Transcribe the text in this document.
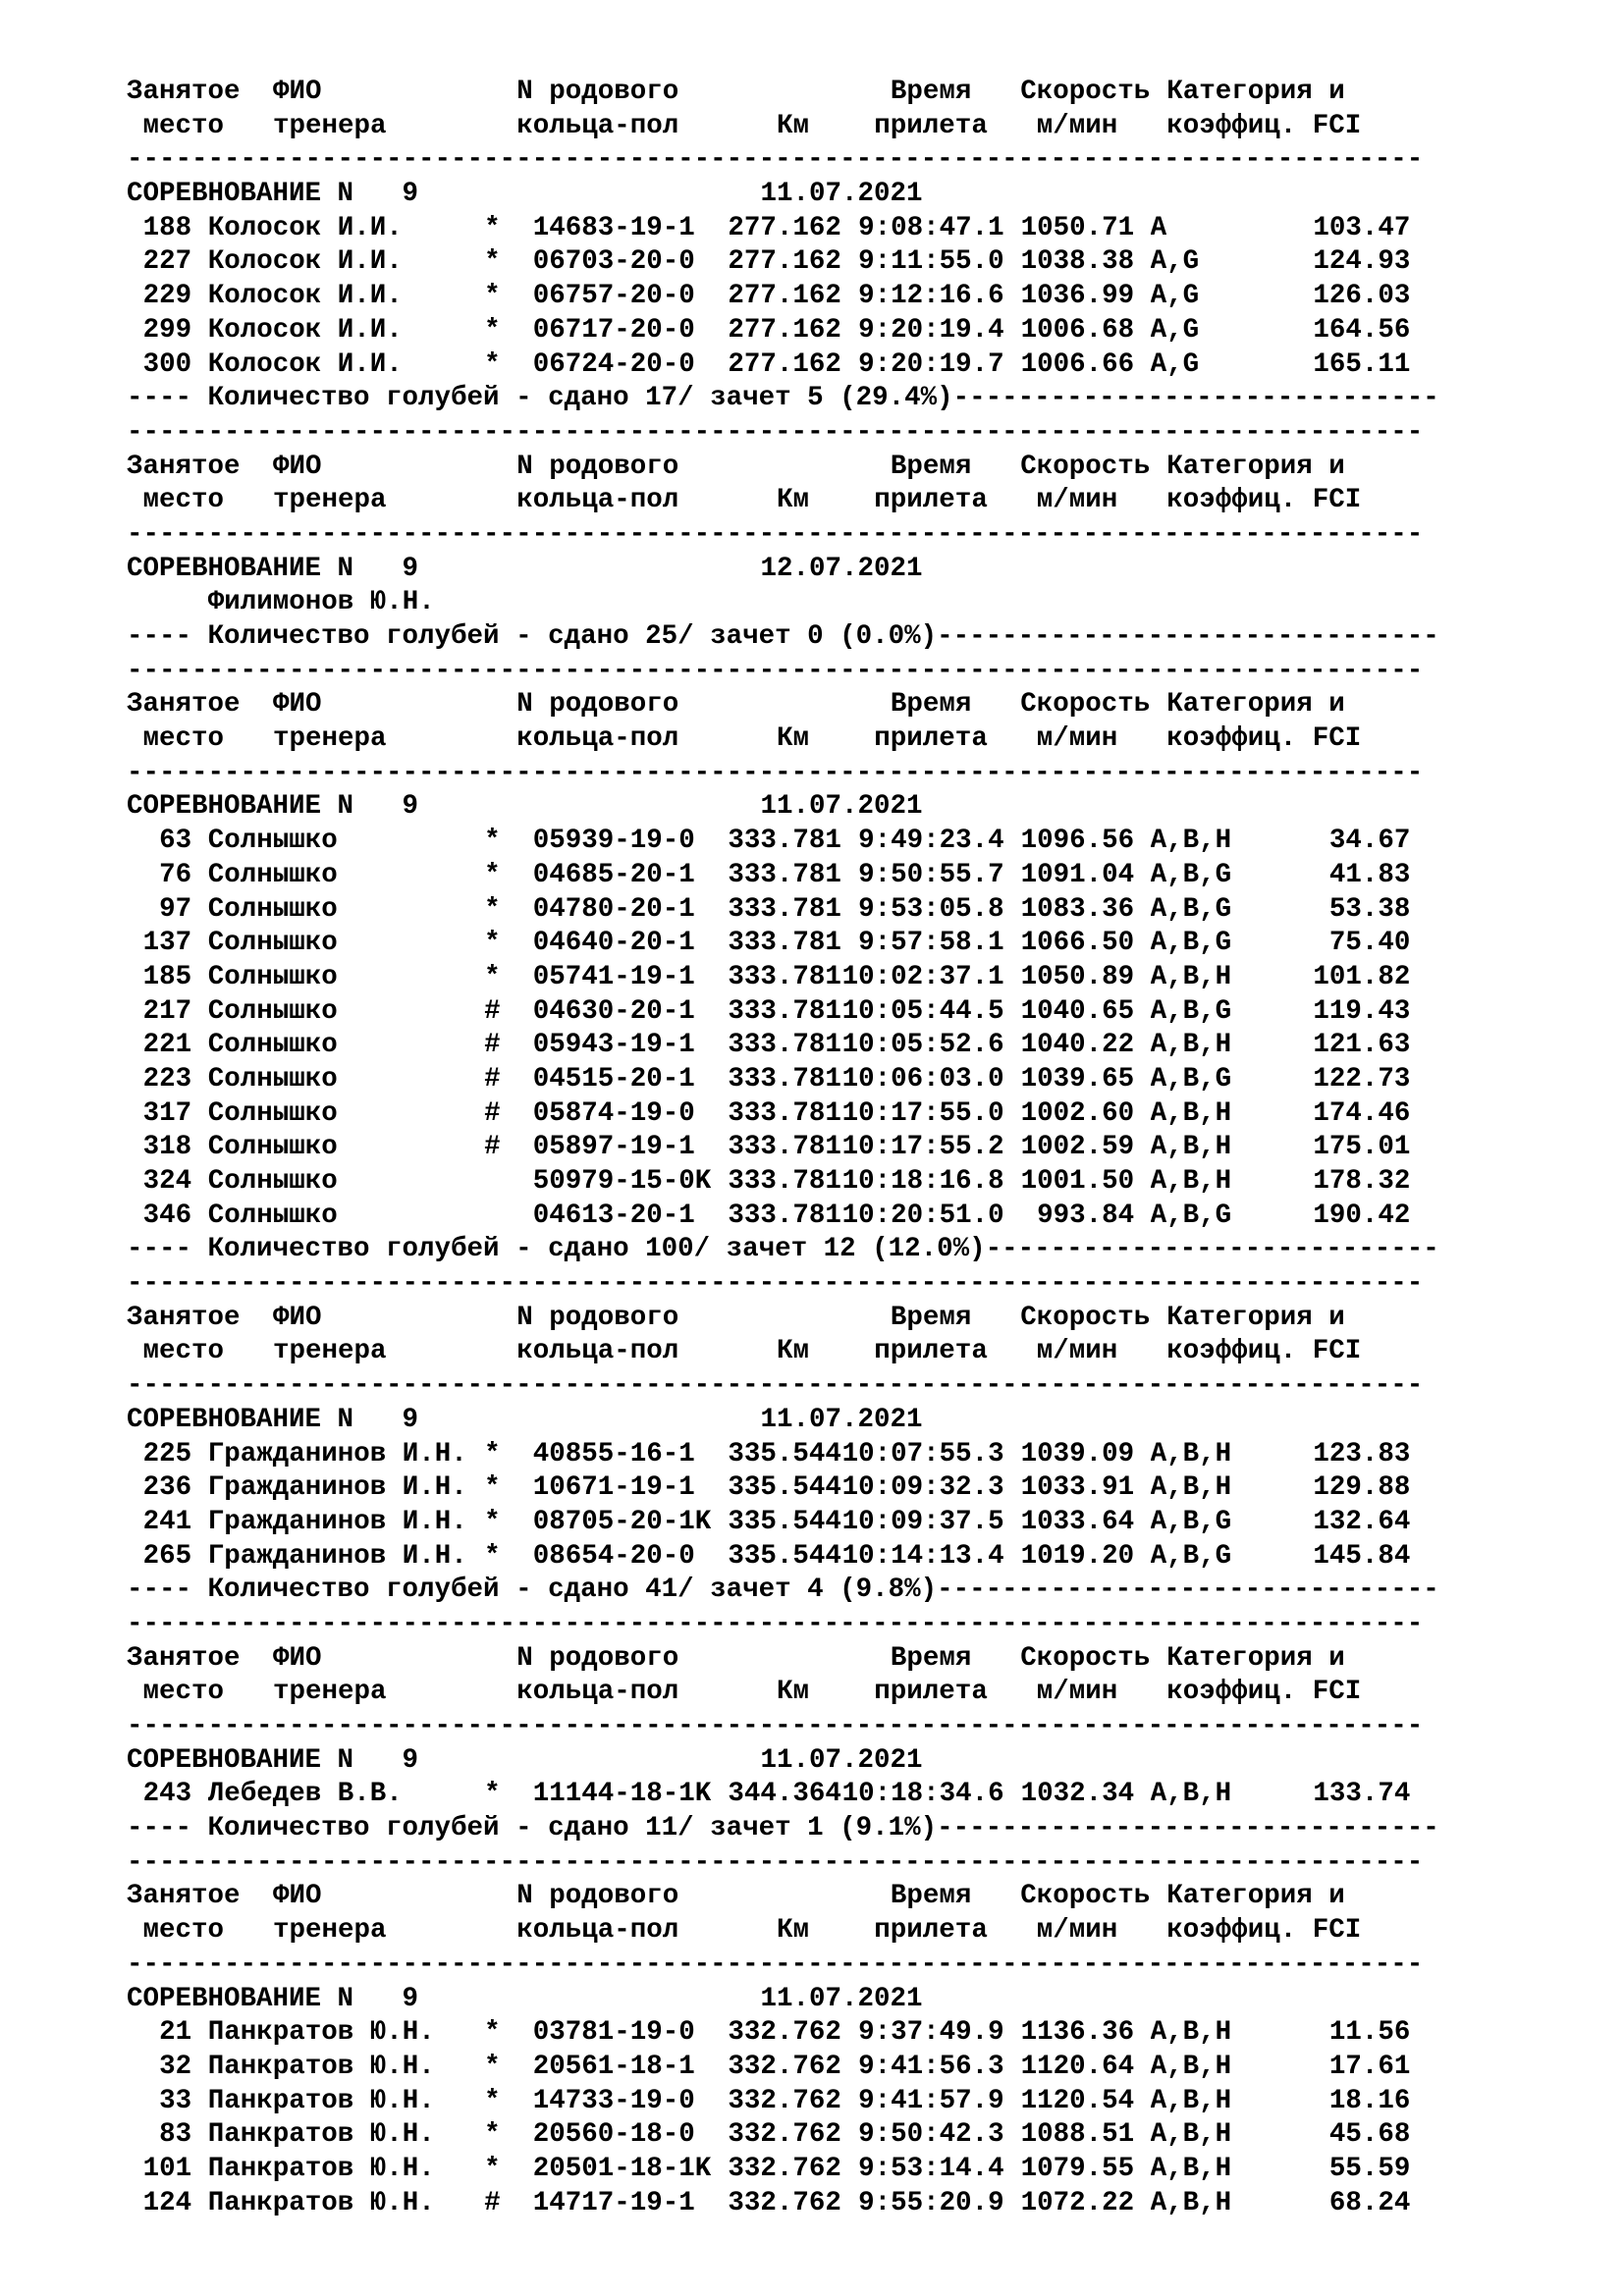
Занятое ФИО	N родового	Время Скорость Категория и
место тренера	кольца-пол	Км прилета м/мин коэффиц. FCI
--------------------------------------------------------------------------------
СОРЕВНОВАНИЕ N   9	11.07.2021
188 Колосок И.И.	* 14683-19-1	277.162 9:08:47.1 1050.71 A	103.47
227 Колосок И.И.	* 06703-20-0	277.162 9:11:55.0 1038.38 A,G	124.93
229 Колосок И.И.	* 06757-20-0	277.162 9:12:16.6 1036.99 A,G	126.03
299 Колосок И.И.	* 06717-20-0	277.162 9:20:19.4 1006.68 A,G	164.56
300 Колосок И.И.	* 06724-20-0	277.162 9:20:19.7 1006.66 A,G	165.11
---- Количество голубей - сдано 17/ зачет 5 (29.4%)------------------------------
--------------------------------------------------------------------------------
Занятое ФИО	N родового	Время Скорость Категория и
место тренера	кольца-пол	Км прилета м/мин коэффиц. FCI
--------------------------------------------------------------------------------
СОРЕВНОВАНИЕ N   9	12.07.2021
Филимонов Ю.Н.
---- Количество голубей - сдано 25/ зачет 0 (0.0%)-------------------------------
--------------------------------------------------------------------------------
Занятое ФИО	N родового	Время Скорость Категория и
место тренера	кольца-пол	Км прилета м/мин коэффиц. FCI
--------------------------------------------------------------------------------
СОРЕВНОВАНИЕ N   9	11.07.2021
63 Солнышко	* 05939-19-0	333.781 9:49:23.4 1096.56 A,B,H	34.67
76 Солнышко	* 04685-20-1	333.781 9:50:55.7 1091.04 A,B,G	41.83
97 Солнышко	* 04780-20-1	333.781 9:53:05.8 1083.36 A,B,G	53.38
137 Солнышко	* 04640-20-1	333.781 9:57:58.1 1066.50 A,B,G	75.40
185 Солнышко	* 05741-19-1	333.781 10:02:37.1 1050.89 A,B,H	101.82
217 Солнышко	# 04630-20-1	333.781 10:05:44.5 1040.65 A,B,G	119.43
221 Солнышко	# 05943-19-1	333.781 10:05:52.6 1040.22 A,B,H	121.63
223 Солнышко	# 04515-20-1	333.781 10:06:03.0 1039.65 A,B,G	122.73
317 Солнышко	# 05874-19-0	333.781 10:17:55.0 1002.60 A,B,H	174.46
318 Солнышко	# 05897-19-1	333.781 10:17:55.2 1002.59 A,B,H	175.01
324 Солнышко	50979-15-0K 333.781 10:18:16.8 1001.50 A,B,H	178.32
346 Солнышко	04613-20-1	333.781 10:20:51.0	993.84 A,B,G	190.42
---- Количество голубей - сдано 100/ зачет 12 (12.0%)----------------------------
--------------------------------------------------------------------------------
Занятое ФИО	N родового	Время Скорость Категория и
место тренера	кольца-пол	Км прилета м/мин коэффиц. FCI
--------------------------------------------------------------------------------
СОРЕВНОВАНИЕ N   9	11.07.2021
225 Гражданинов И.Н. * 40855-16-1	335.544 10:07:55.3 1039.09 A,B,H	123.83
236 Гражданинов И.Н. * 10671-19-1	335.544 10:09:32.3 1033.91 A,B,H	129.88
241 Гражданинов И.Н. * 08705-20-1K 335.544 10:09:37.5 1033.64 A,B,G	132.64
265 Гражданинов И.Н. * 08654-20-0	335.544 10:14:13.4 1019.20 A,B,G	145.84
---- Количество голубей - сдано 41/ зачет 4 (9.8%)-------------------------------
--------------------------------------------------------------------------------
Занятое ФИО	N родового	Время Скорость Категория и
место тренера	кольца-пол	Км прилета м/мин коэффиц. FCI
--------------------------------------------------------------------------------
СОРЕВНОВАНИЕ N   9	11.07.2021
243 Лебедев В.В.	* 11144-18-1K 344.364 10:18:34.6 1032.34 A,B,H	133.74
---- Количество голубей - сдано 11/ зачет 1 (9.1%)-------------------------------
--------------------------------------------------------------------------------
Занятое ФИО	N родового	Время Скорость Категория и
место тренера	кольца-пол	Км прилета м/мин коэффиц. FCI
--------------------------------------------------------------------------------
СОРЕВНОВАНИЕ N   9	11.07.2021
21 Панкратов Ю.Н.	* 03781-19-0	332.762 9:37:49.9 1136.36 A,B,H	11.56
32 Панкратов Ю.Н.	* 20561-18-1	332.762 9:41:56.3 1120.64 A,B,H	17.61
33 Панкратов Ю.Н.	* 14733-19-0	332.762 9:41:57.9 1120.54 A,B,H	18.16
83 Панкратов Ю.Н.	* 20560-18-0	332.762 9:50:42.3 1088.51 A,B,H	45.68
101 Панкратов Ю.Н.	* 20501-18-1K 332.762 9:53:14.4 1079.55 A,B,H	55.59
124 Панкратов Ю.Н.	# 14717-19-1	332.762 9:55:20.9 1072.22 A,B,H	68.24
